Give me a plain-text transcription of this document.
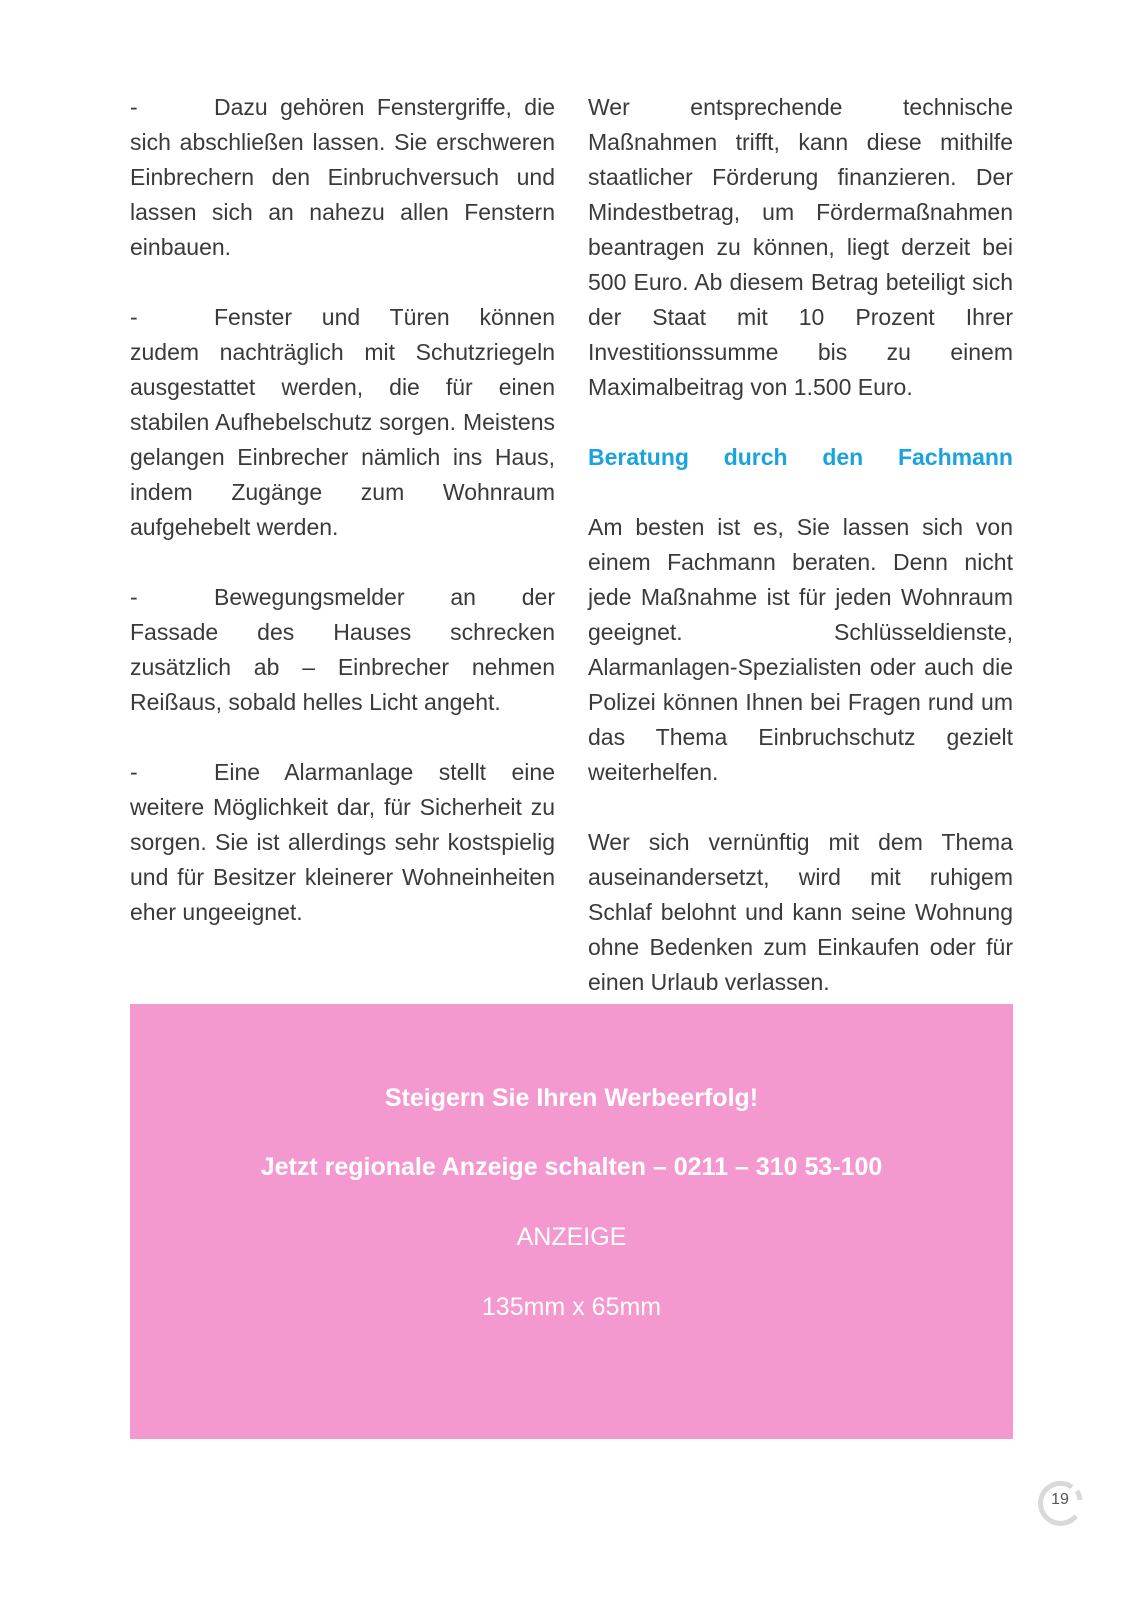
-	Dazu gehören Fenstergriffe, die sich abschließen lassen. Sie erschweren Einbrechern den Einbruchversuch und lassen sich an nahezu allen Fenstern einbauen.

-	Fenster und Türen können zudem nachträglich mit Schutzriegeln ausgestattet werden, die für einen stabilen Aufhebelschutz sorgen. Meistens gelangen Einbrecher nämlich ins Haus, indem Zugänge zum Wohnraum aufgehebelt werden.

-	Bewegungsmelder an der Fassade des Hauses schrecken zusätzlich ab – Einbrecher nehmen Reißaus, sobald helles Licht angeht.

-	Eine Alarmanlage stellt eine weitere Möglichkeit dar, für Sicherheit zu sorgen. Sie ist allerdings sehr kostspielig und für Besitzer kleinerer Wohneinheiten eher ungeeignet.

Wer entsprechende technische Maßnahmen trifft, kann diese mithilfe staatlicher Förderung finanzieren. Der Mindestbetrag, um Fördermaßnahmen beantragen zu können, liegt derzeit bei 500 Euro. Ab diesem Betrag beteiligt sich der Staat mit 10 Prozent Ihrer Investitionssumme bis zu einem Maximalbeitrag von 1.500 Euro.

Beratung durch den Fachmann

Am besten ist es, Sie lassen sich von einem Fachmann beraten. Denn nicht jede Maßnahme ist für jeden Wohnraum geeignet. Schlüsseldienste, Alarmanlagen-Spezialisten oder auch die Polizei können Ihnen bei Fragen rund um das Thema Einbruchschutz gezielt weiterhelfen.

Wer sich vernünftig mit dem Thema auseinandersetzt, wird mit ruhigem Schlaf belohnt und kann seine Wohnung ohne Bedenken zum Einkaufen oder für einen Urlaub verlassen.

Steigern Sie Ihren Werbeerfolg!
Jetzt regionale Anzeige schalten – 0211 – 310 53-100
ANZEIGE
135mm x 65mm
19
